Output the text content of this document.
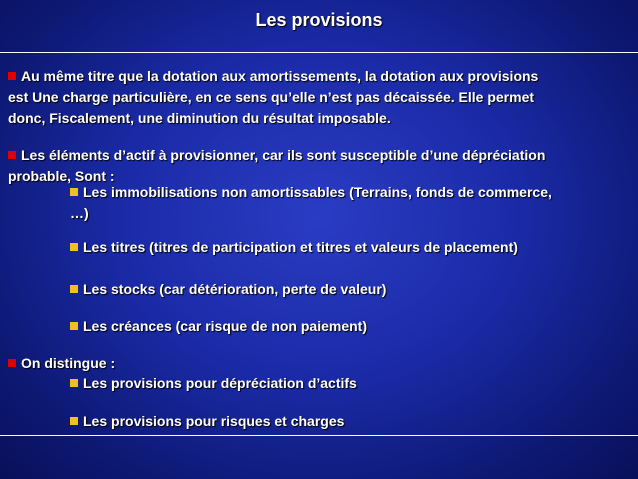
Les provisions
Au même titre que la dotation aux amortissements, la dotation aux provisions
est Une charge particulière, en ce sens qu’elle n’est pas décaissée. Elle permet
donc, Fiscalement, une diminution du résultat imposable.
Les éléments d’actif à provisionner, car ils sont susceptible d’une dépréciation
probable, Sont :
Les immobilisations non amortissables (Terrains, fonds de commerce,
…)
Les titres (titres de participation et titres et valeurs de placement)
Les stocks (car détérioration, perte de valeur)
Les créances (car risque de non paiement)
On distingue :
Les provisions pour dépréciation d’actifs
Les provisions pour risques et charges
